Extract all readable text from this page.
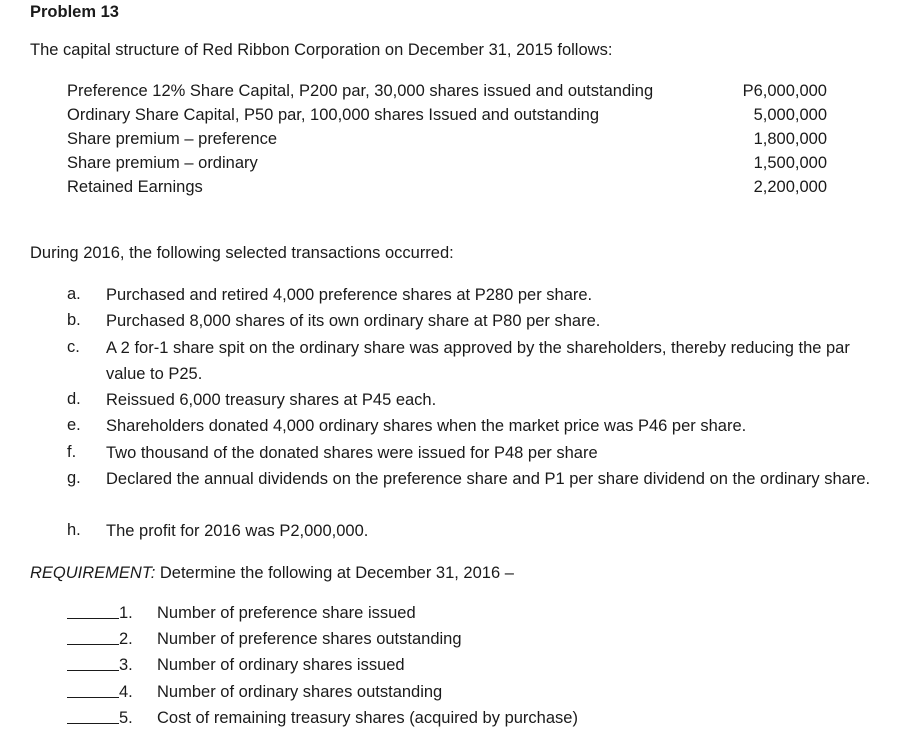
Problem 13
The capital structure of Red Ribbon Corporation on December 31, 2015 follows:
Preference 12% Share Capital, P200 par, 30,000 shares issued and outstanding	P6,000,000
Ordinary Share Capital, P50 par, 100,000 shares Issued and outstanding	5,000,000
Share premium – preference	1,800,000
Share premium – ordinary	1,500,000
Retained Earnings	2,200,000
During 2016, the following selected transactions occurred:
a. Purchased and retired 4,000 preference shares at P280 per share.
b. Purchased 8,000 shares of its own ordinary share at P80 per share.
c. A 2 for-1 share spit on the ordinary share was approved by the shareholders, thereby reducing the par value to P25.
d. Reissued 6,000 treasury shares at P45 each.
e. Shareholders donated 4,000 ordinary shares when the market price was P46 per share.
f. Two thousand of the donated shares were issued for P48 per share
g. Declared the annual dividends on the preference share and P1 per share dividend on the ordinary share.
h. The profit for 2016 was P2,000,000.
REQUIREMENT: Determine the following at December 31, 2016 –
1. Number of preference share issued
2. Number of preference shares outstanding
3. Number of ordinary shares issued
4. Number of ordinary shares outstanding
5. Cost of remaining treasury shares (acquired by purchase)
